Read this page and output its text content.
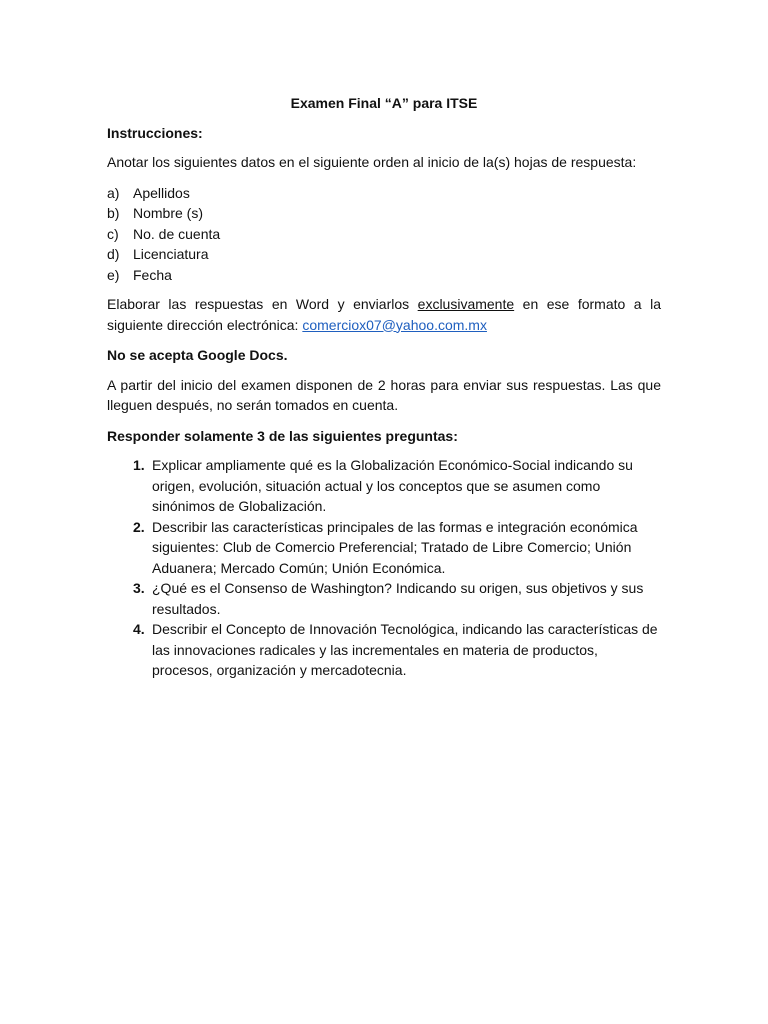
Examen Final “A” para ITSE
Instrucciones:

Anotar los siguientes datos en el siguiente orden al inicio de la(s) hojas de respuesta:

a) Apellidos
b) Nombre (s)
c)	No. de cuenta
d) Licenciatura
e) Fecha

Elaborar las respuestas en Word y enviarlos exclusivamente en ese formato a la siguiente dirección electrónica: comerciox07@yahoo.com.mx

No se acepta Google Docs.

A partir del inicio del examen disponen de 2 horas para enviar sus respuestas. Las que lleguen después, no serán tomados en cuenta.

Responder solamente 3 de las siguientes preguntas:
1. Explicar ampliamente qué es la Globalización Económico-Social indicando su origen, evolución, situación actual y los conceptos que se asumen como sinónimos de Globalización.
2. Describir las características principales de las formas e integración económica siguientes: Club de Comercio Preferencial; Tratado de Libre Comercio; Unión Aduanera; Mercado Común; Unión Económica.
3. ¿Qué es el Consenso de Washington? Indicando su origen, sus objetivos y sus resultados.
4. Describir el Concepto de Innovación Tecnológica, indicando las características de las innovaciones radicales y las incrementales en materia de productos, procesos, organización y mercadotecnia.
